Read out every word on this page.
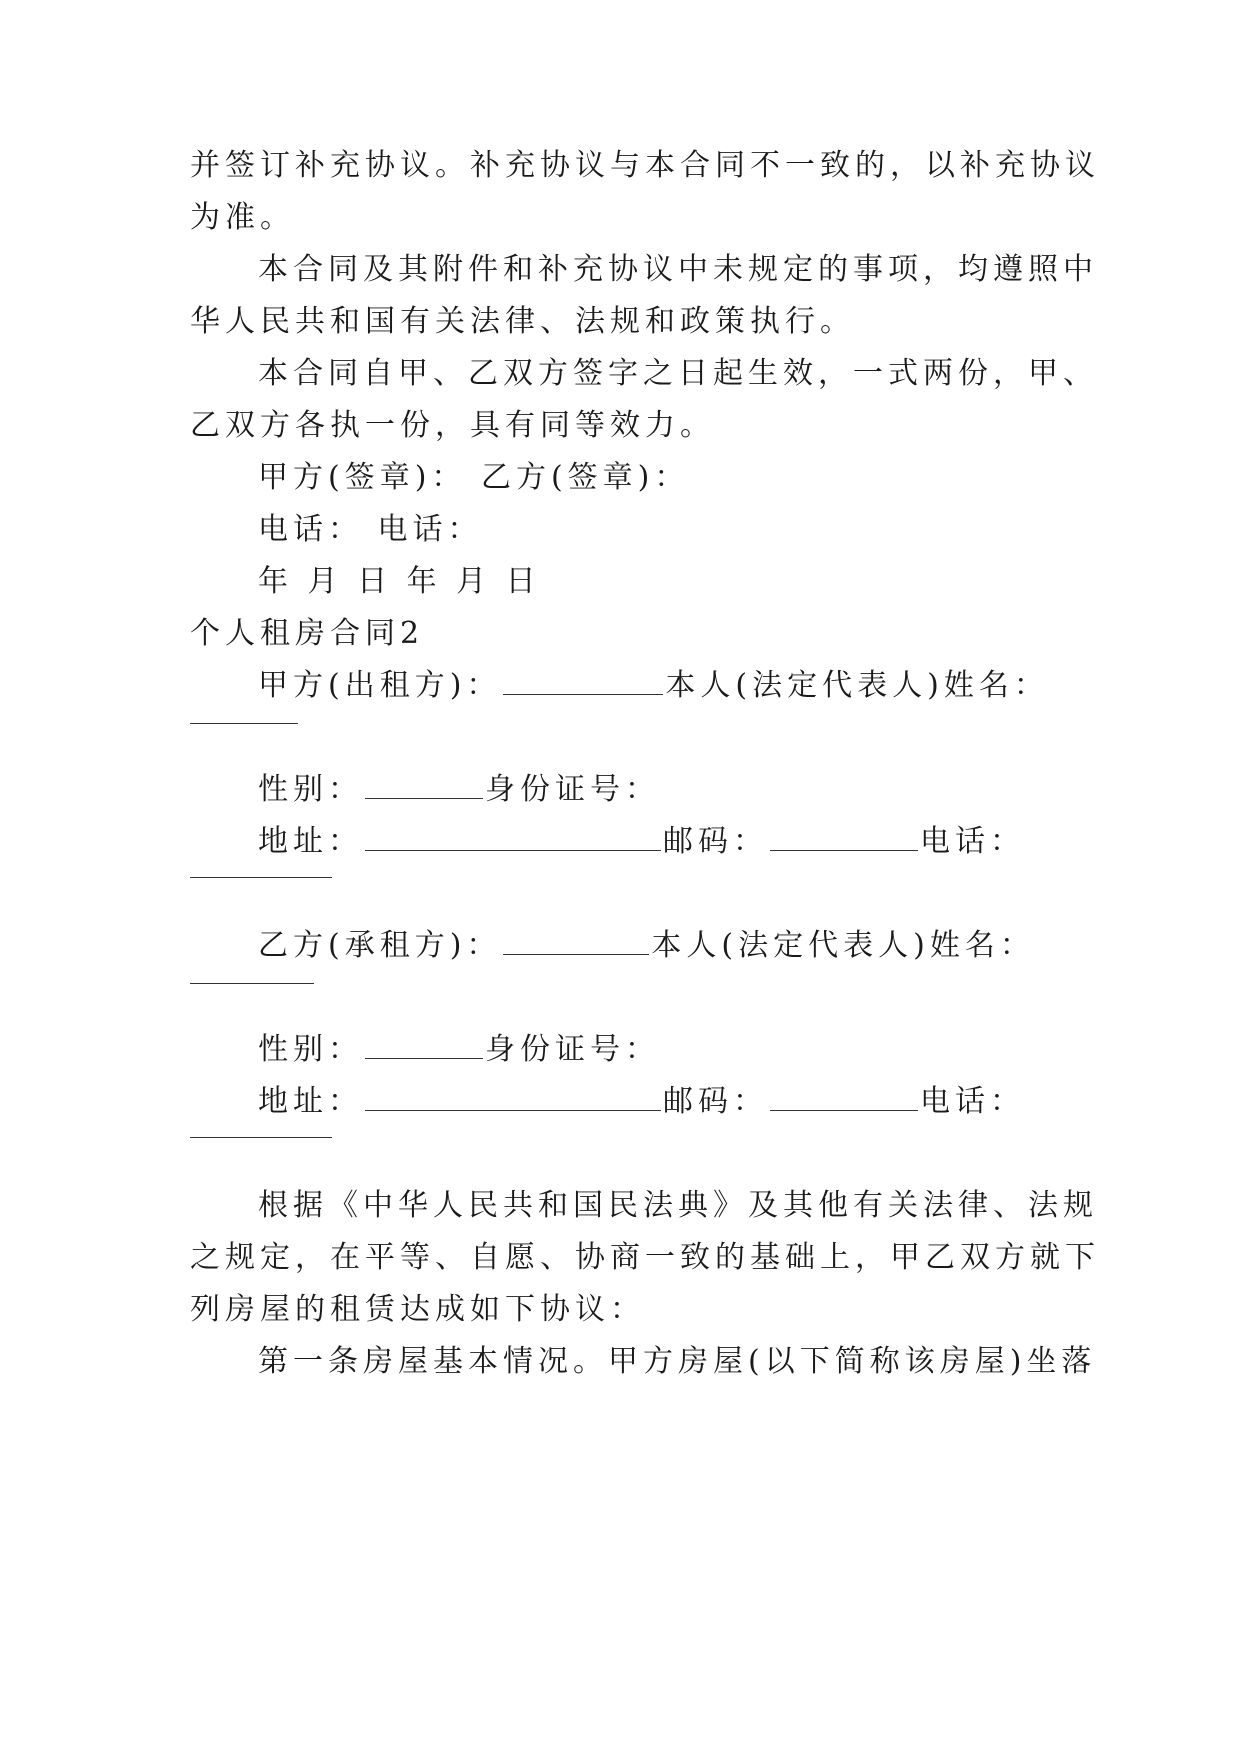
并签订补充协议。补充协议与本合同不一致的，以补充协议
为准。
本合同及其附件和补充协议中未规定的事项，均遵照中
华人民共和国有关法律、法规和政策执行。
本合同自甲、乙双方签字之日起生效，一式两份，甲、
乙双方各执一份，具有同等效力。
甲方(签章)： 乙方(签章)：
电话： 电话：
年 月 日 年 月 日
个人租房合同2
甲方(出租方)：	本人(法定代表人)姓名：
性别：	身份证号：
地址：	邮码：	电话：
乙方(承租方)：	本人(法定代表人)姓名：
性别：	身份证号：
地址：	邮码：	电话：
根据《中华人民共和国民法典》及其他有关法律、法规
之规定，在平等、自愿、协商一致的基础上，甲乙双方就下
列房屋的租赁达成如下协议：
第一条房屋基本情况。甲方房屋(以下简称该房屋)坐落
